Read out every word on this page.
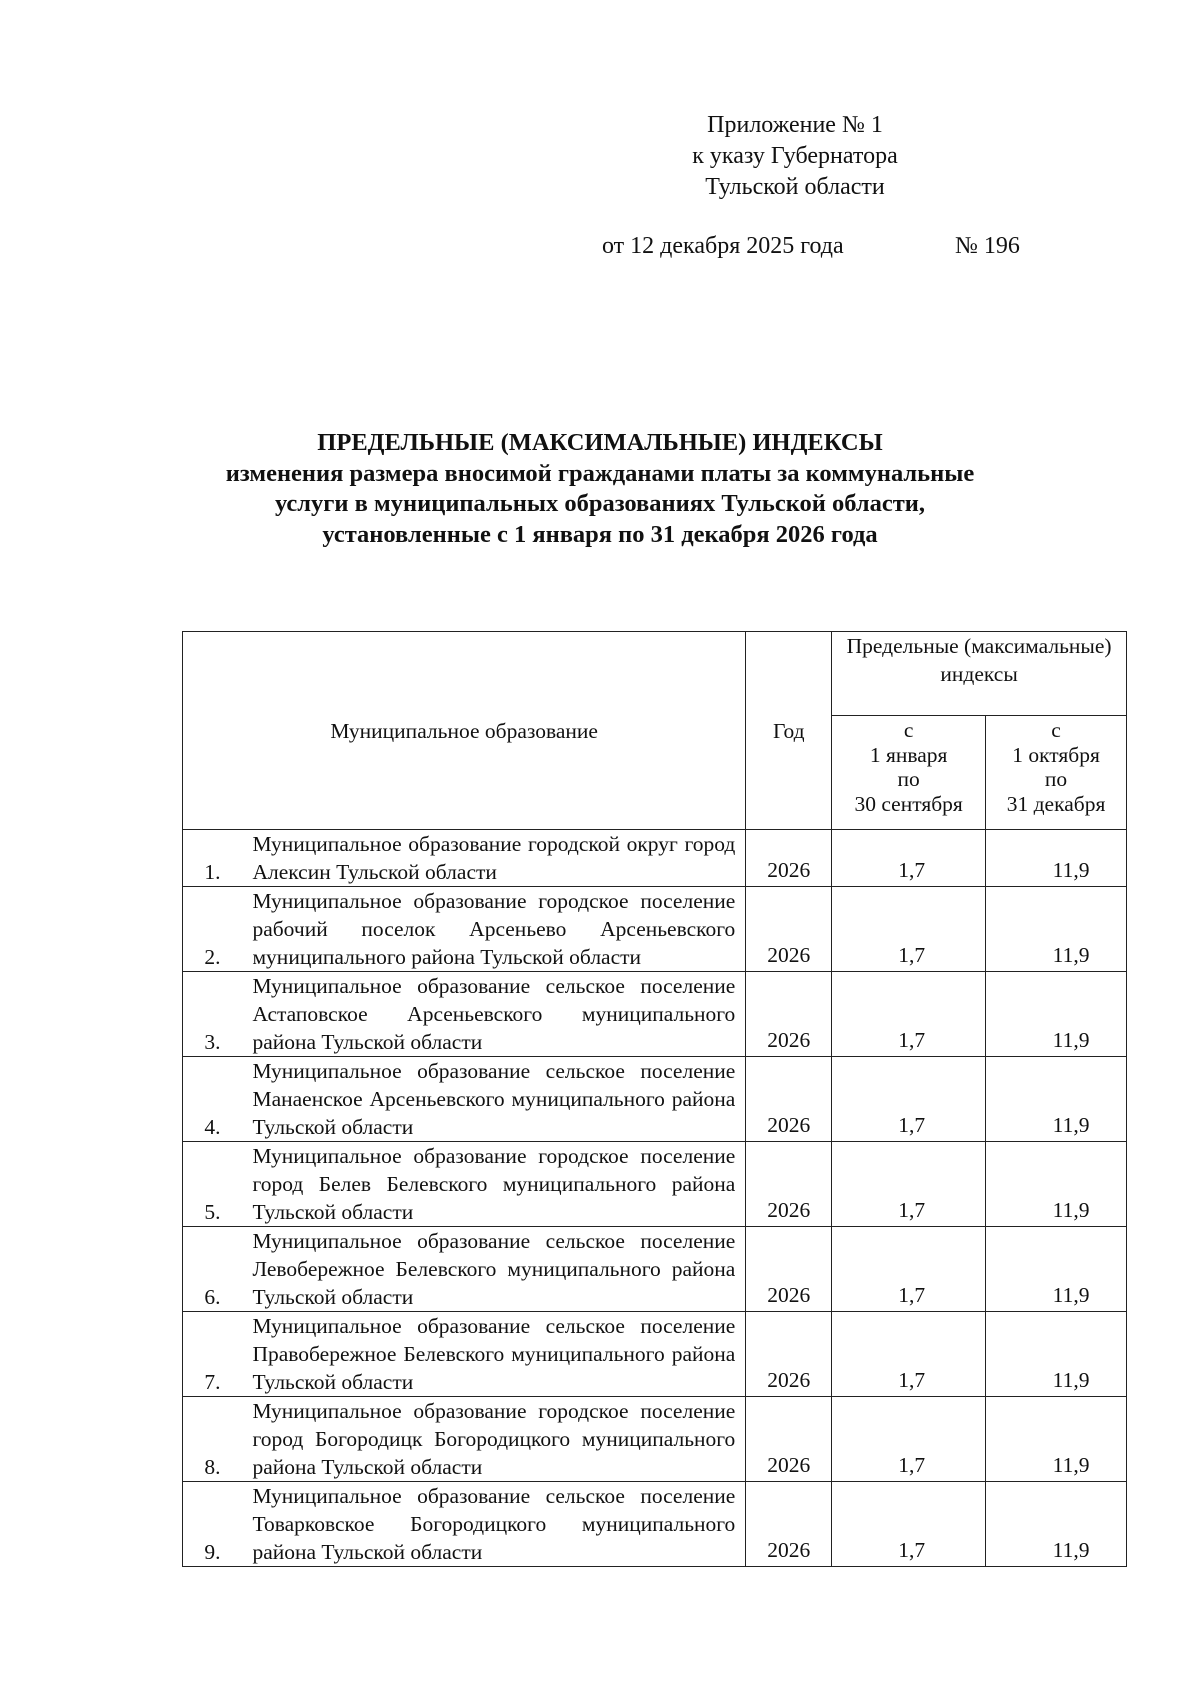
Приложение № 1
к указу Губернатора
Тульской области
от 12 декабря 2025 года	№ 196
ПРЕДЕЛЬНЫЕ (МАКСИМАЛЬНЫЕ) ИНДЕКСЫ
изменения размера вносимой гражданами платы за коммунальные
услуги в муниципальных образованиях Тульской области,
установленные с 1 января по 31 декабря 2026 года
Муниципальное образование		Год	Предельные (максимальные) индексы	

			с
1 января
по
30 сентября	с
1 октября
по
31 декабря

1.	Муниципальное образование городской округ город Алексин Тульской области	2026	1,7	11,9
2.	Муниципальное образование городское поселение рабочий поселок Арсеньево Арсеньевского муниципального района Тульской области	2026	1,7	11,9
3.	Муниципальное образование сельское поселение Астаповское Арсеньевского муниципального района Тульской области	2026	1,7	11,9
4.	Муниципальное образование сельское поселение Манаенское Арсеньевского муниципального района Тульской области	2026	1,7	11,9
5.	Муниципальное образование городское поселение город Белев Белевского муниципального района Тульской области	2026	1,7	11,9
6.	Муниципальное образование сельское поселение Левобережное Белевского муниципального района Тульской области	2026	1,7	11,9
7.	Муниципальное образование сельское поселение Правобережное Белевского муниципального района Тульской области	2026	1,7	11,9
8.	Муниципальное образование городское поселение город Богородицк Богородицкого муниципального района Тульской области	2026	1,7	11,9
9.	Муниципальное образование сельское поселение Товарковское Богородицкого муниципального района Тульской области	2026	1,7	11,9
